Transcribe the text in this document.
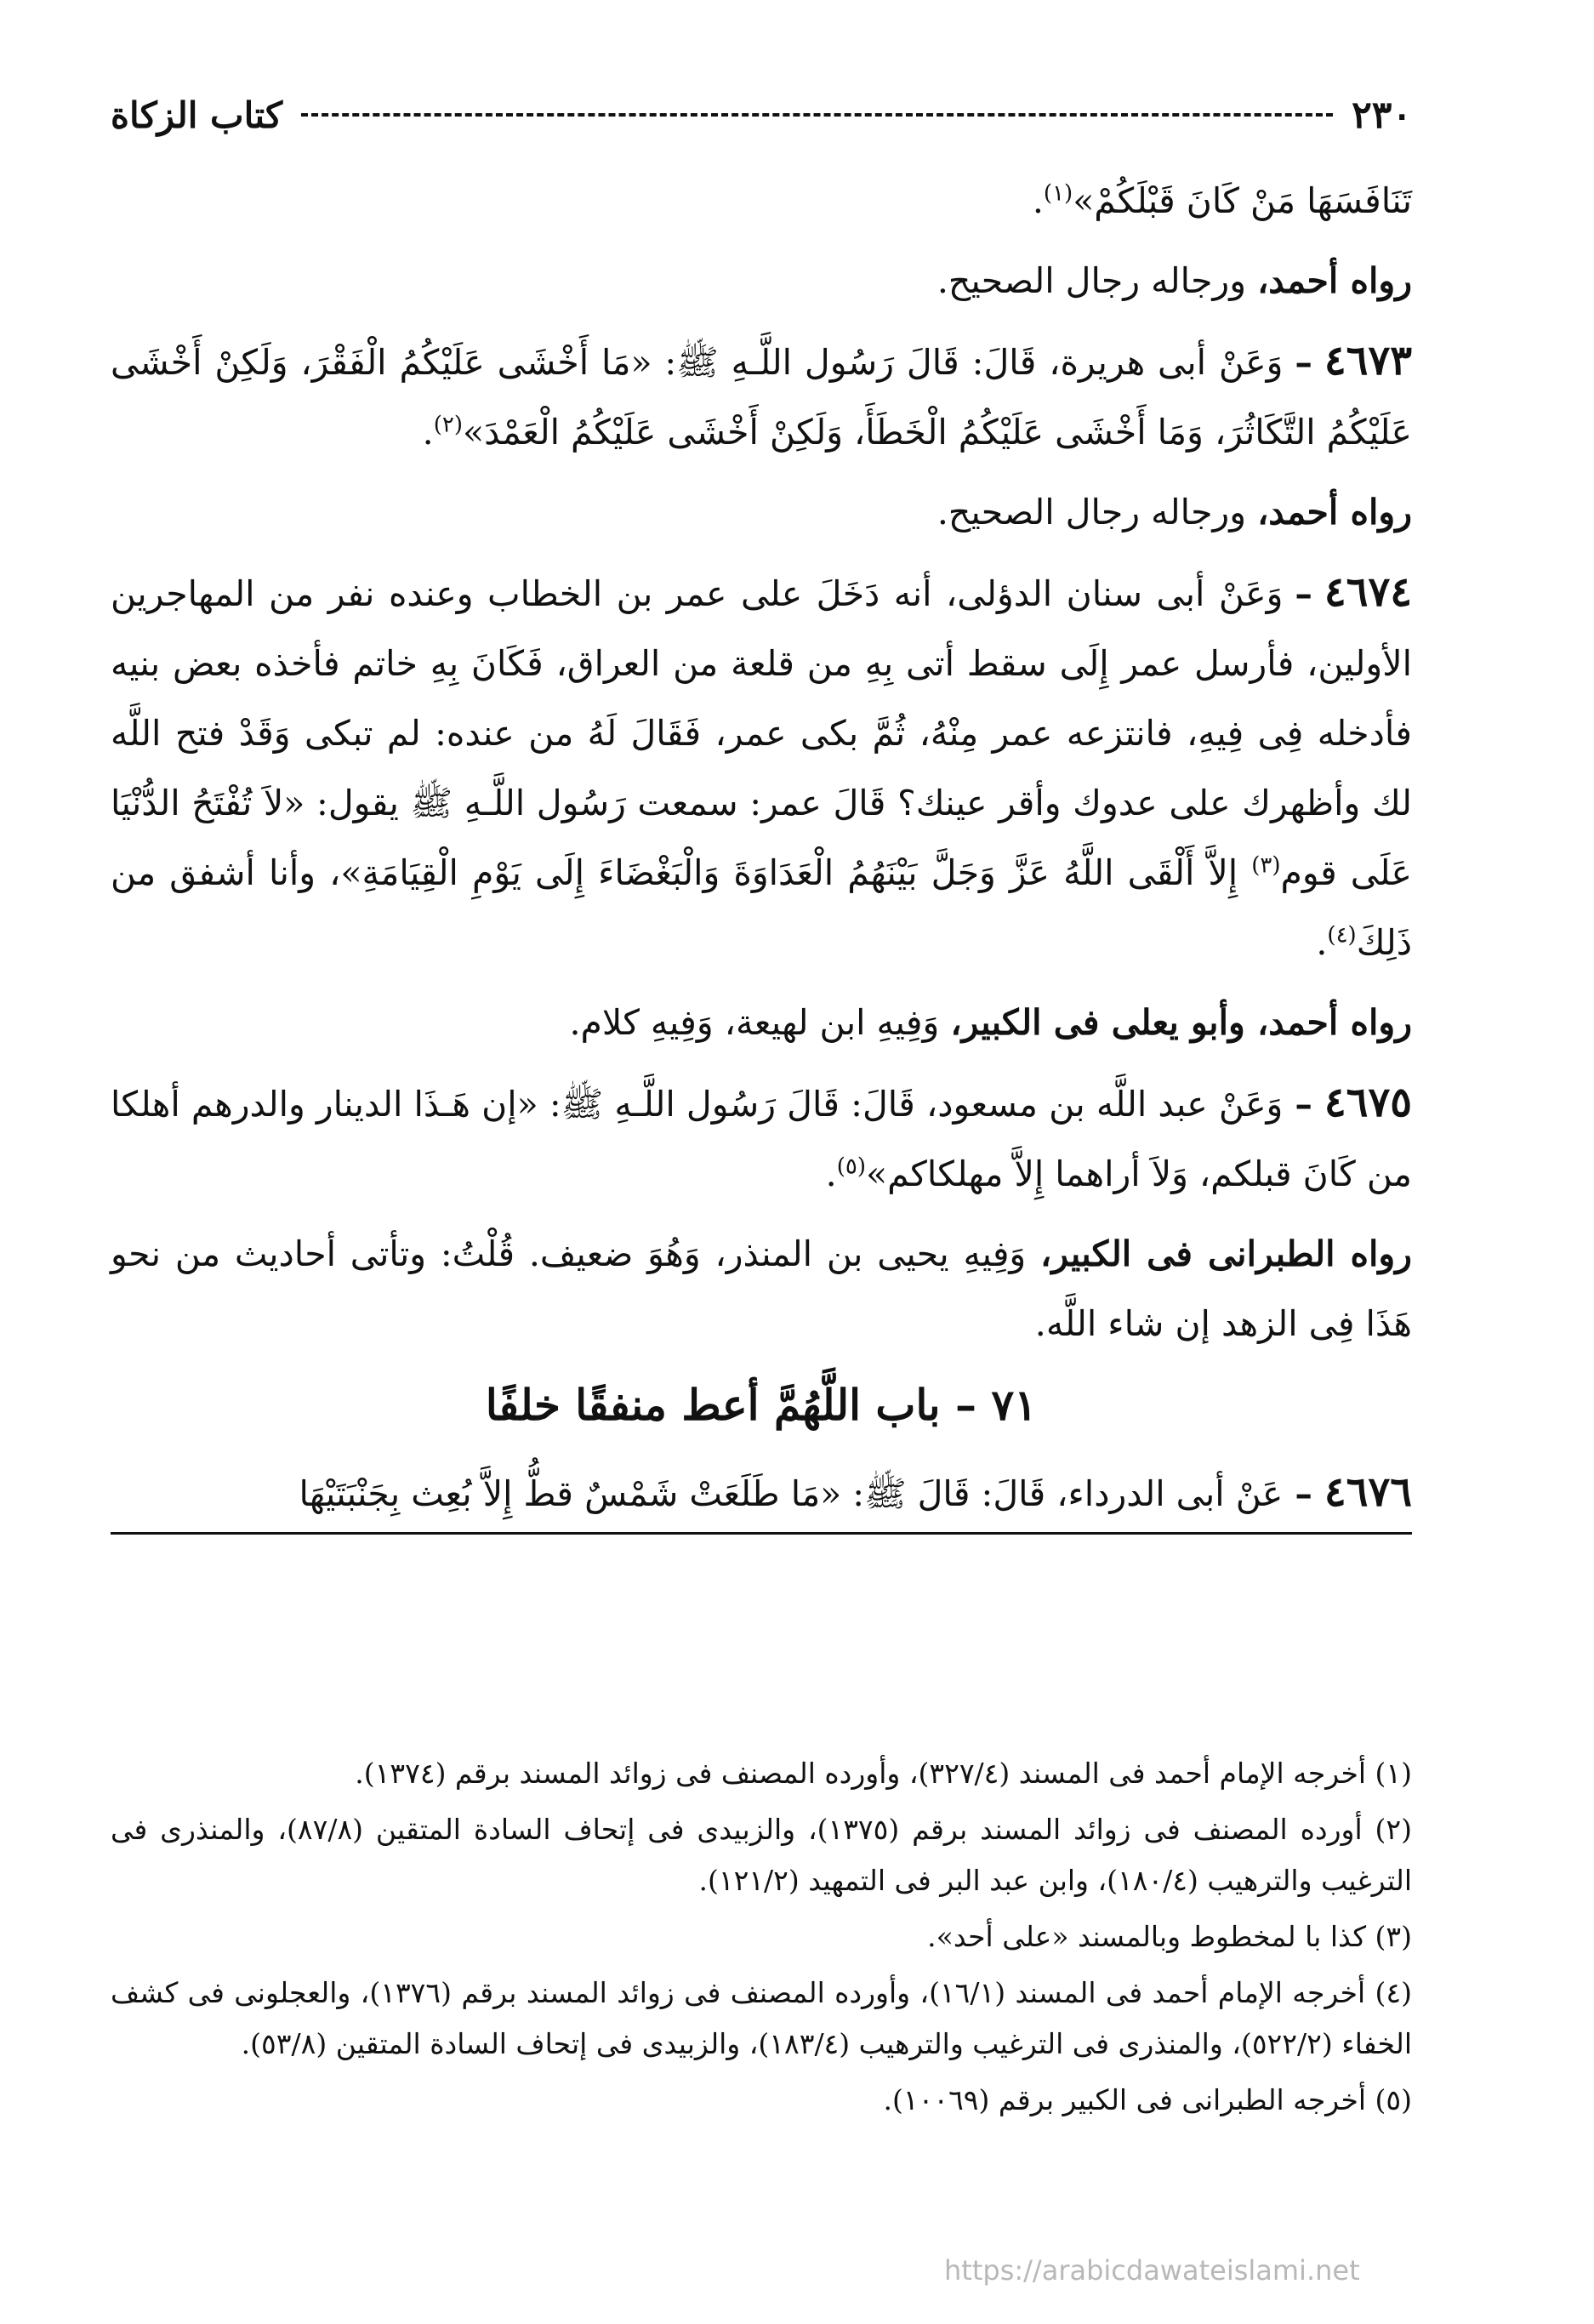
٢٣٠
كتاب الزكاة

تَنَافَسَهَا مَنْ كَانَ قَبْلَكُمْ»$^{(١)}$.

رواه أحمد، ورجاله رجال الصحيح.

٤٦٧٣–وَعَنْ أبى هريرة، قَالَ: قَالَ رَسُول اللَّـهِ ﷺ: «مَا أَخْشَى عَلَيْكُمُ الْفَقْرَ، وَلَكِنْ أَخْشَى عَلَيْكُمُ التَّكَاثُرَ، وَمَا أَخْشَى عَلَيْكُمُ الْخَطَأَ، وَلَكِنْ أَخْشَى عَلَيْكُمُ الْعَمْدَ»$^{(٢)}$.

رواه أحمد، ورجاله رجال الصحيح.

٤٦٧٤–وَعَنْ أبى سنان الدؤلى، أنه دَخَلَ على عمر بن الخطاب وعنده نفر من المهاجرين الأولين، فأرسل عمر إِلَى سقط أتى بِهِ من قلعة من العراق، فَكَانَ بِهِ خاتم فأخذه بعض بنيه فأدخله فِى فِيهِ، فانتزعه عمر مِنْهُ، ثُمَّ بكى عمر، فَقَالَ لَهُ من عنده: لم تبكى وَقَدْ فتح اللَّه لك وأظهرك على عدوك وأقر عينك؟ قَالَ عمر: سمعت رَسُول اللَّـهِ ﷺ يقول: «لاَ تُفْتَحُ الدُّنْيَا عَلَى قوم$^{(٣)}$ إِلاَّ أَلْقَى اللَّهُ عَزَّ وَجَلَّ بَيْنَهُمُ الْعَدَاوَةَ وَالْبَغْضَاءَ إِلَى يَوْمِ الْقِيَامَةِ»، وأنا أشفق من ذَلِكَ$^{(٤)}$.

رواه أحمد، وأبو يعلى فى الكبير، وَفِيهِ ابن لهيعة، وَفِيهِ كلام.

٤٦٧٥–وَعَنْ عبد اللَّه بن مسعود، قَالَ: قَالَ رَسُول اللَّـهِ ﷺ: «إن هَـذَا الدينار والدرهم أهلكا من كَانَ قبلكم، وَلاَ أراهما إِلاَّ مهلكاكم»$^{(٥)}$.

رواه الطبرانى فى الكبير، وَفِيهِ يحيى بن المنذر، وَهُوَ ضعيف. قُلْتُ: وتأتى أحاديث من نحو هَذَا فِى الزهد إن شاء اللَّه.

٧١ – باب اللَّهُمَّ أعط منفقًا خلفًا

٤٦٧٦–عَنْ أبى الدرداء، قَالَ: قَالَ ﷺ: «مَا طَلَعَتْ شَمْسٌ قطُّ إِلاَّ بُعِث بِجَنْبَتَيْهَا

(١) أخرجه الإمام أحمد فى المسند (٣٢٧/٤)، وأورده المصنف فى زوائد المسند برقم (١٣٧٤).

(٢) أورده المصنف فى زوائد المسند برقم (١٣٧٥)، والزبيدى فى إتحاف السادة المتقين (٨٧/٨)، والمنذرى فى الترغيب والترهيب (١٨٠/٤)، وابن عبد البر فى التمهيد (١٢١/٢).

(٣) كذا با لمخطوط وبالمسند «على أحد».

(٤) أخرجه الإمام أحمد فى المسند (١٦/١)، وأورده المصنف فى زوائد المسند برقم (١٣٧٦)، والعجلونى فى كشف الخفاء (٥٢٢/٢)، والمنذرى فى الترغيب والترهيب (١٨٣/٤)، والزبيدى فى إتحاف السادة المتقين (٥٣/٨).

(٥) أخرجه الطبرانى فى الكبير برقم (١٠٠٦٩).

https://arabicdawateislami.net
